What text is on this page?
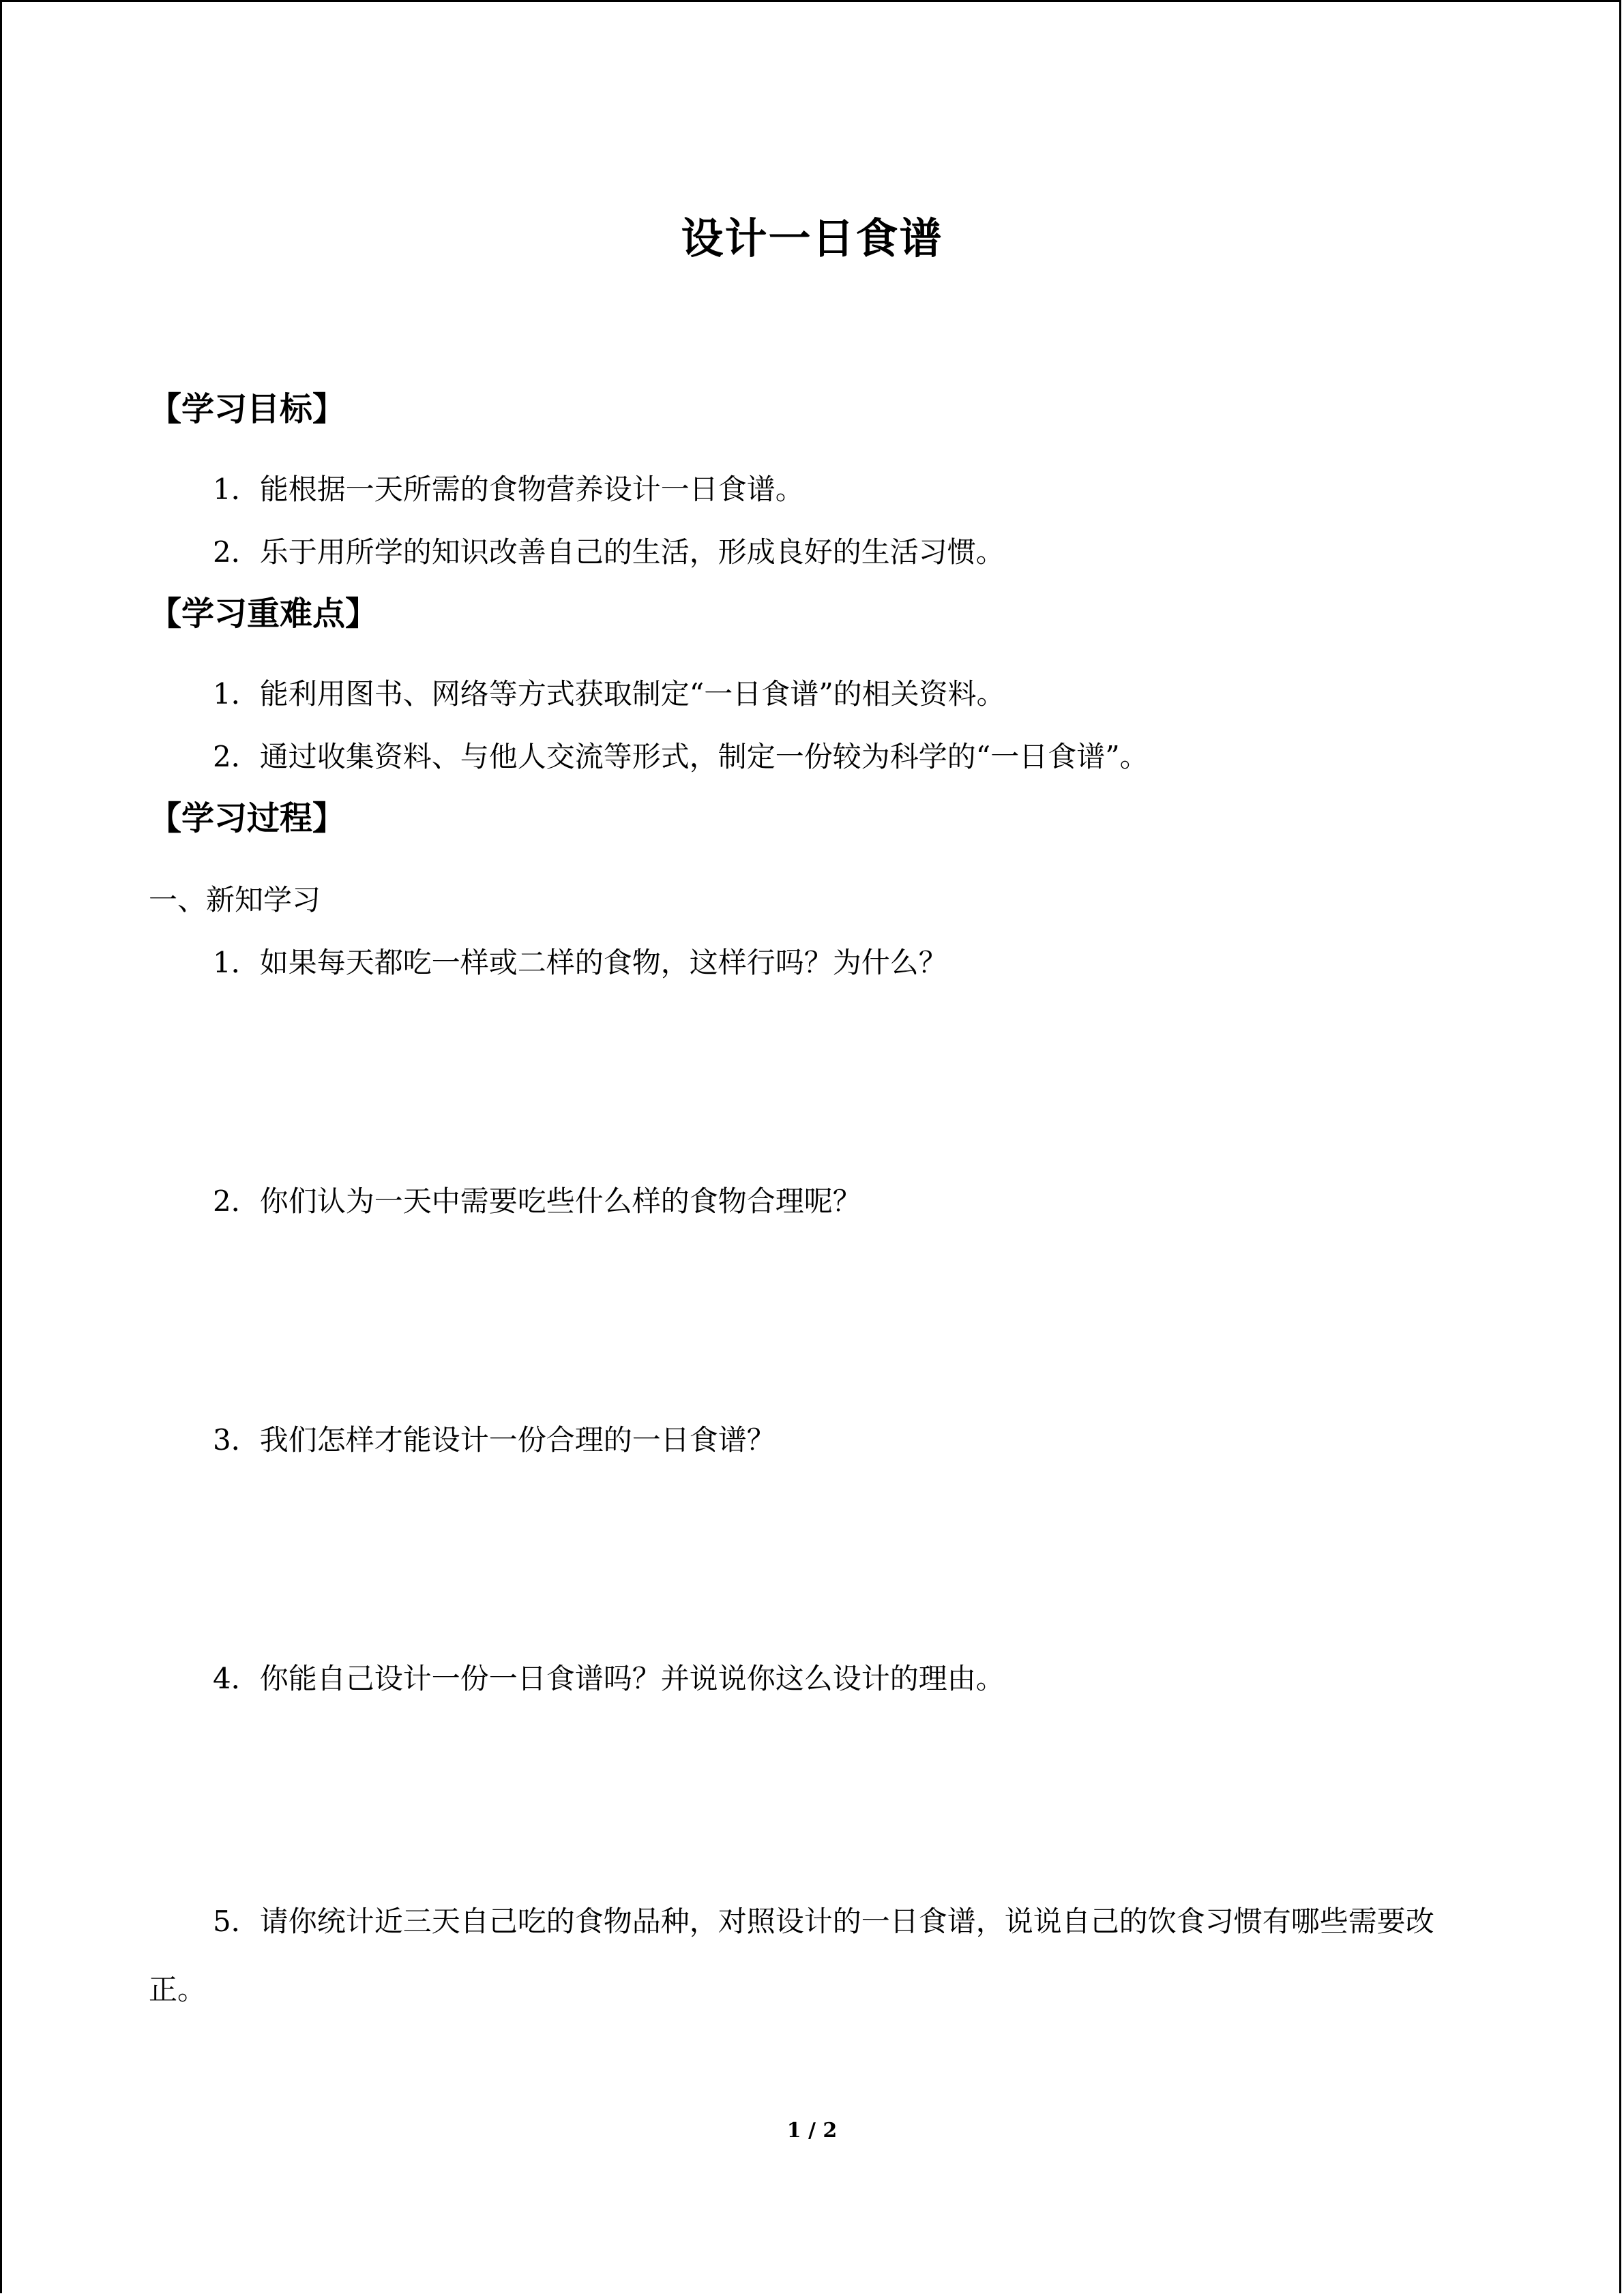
设计一日食谱
【学习目标】
1．能根据一天所需的食物营养设计一日食谱。
2．乐于用所学的知识改善自己的生活，形成良好的生活习惯。
【学习重难点】
1．能利用图书、网络等方式获取制定“一日食谱”的相关资料。
2．通过收集资料、与他人交流等形式，制定一份较为科学的“一日食谱”。
【学习过程】
一、新知学习
1．如果每天都吃一样或二样的食物，这样行吗？为什么？
2．你们认为一天中需要吃些什么样的食物合理呢？
3．我们怎样才能设计一份合理的一日食谱？
4．你能自己设计一份一日食谱吗？并说说你这么设计的理由。
5．请你统计近三天自己吃的食物品种，对照设计的一日食谱，说说自己的饮食习惯有哪些需要改正。
1 / 2
